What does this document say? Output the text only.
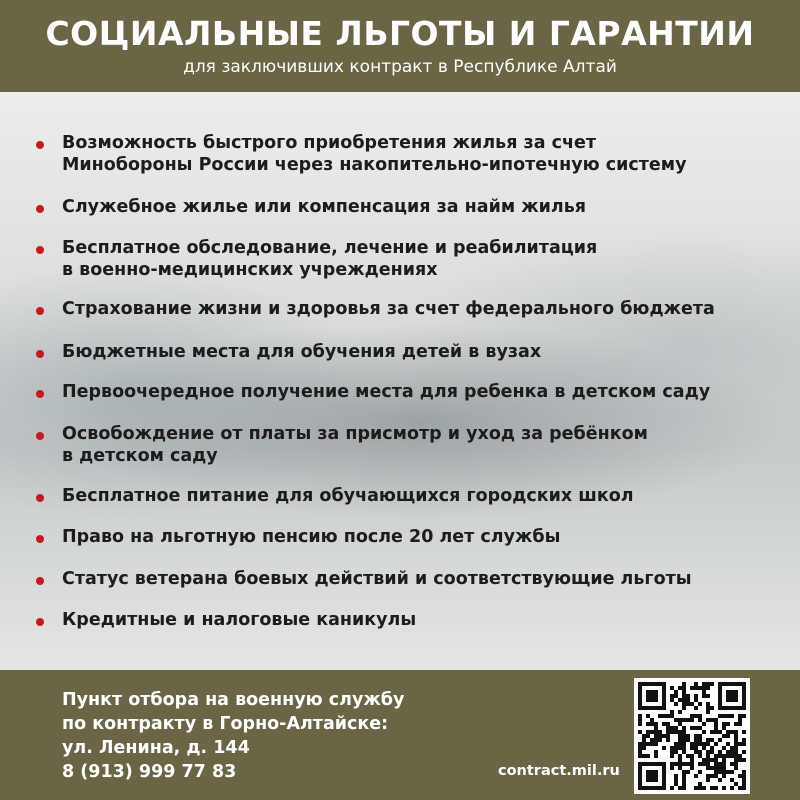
СОЦИАЛЬНЫЕ ЛЬГОТЫ И ГАРАНТИИ
для заключивших контракт в Республике Алтай
Возможность быстрого приобретения жилья за счет
Минобороны России через накопительно-ипотечную систему
Служебное жилье или компенсация за найм жилья
Бесплатное обследование, лечение и реабилитация
в военно-медицинских учреждениях
Страхование жизни и здоровья за счет федерального бюджета
Бюджетные места для обучения детей в вузах
Первоочередное получение места для ребенка в детском саду
Освобождение от платы за присмотр и уход за ребёнком
в детском саду
Бесплатное питание для обучающихся городских школ
Право на льготную пенсию после 20 лет службы
Статус ветерана боевых действий и соответствующие льготы
Кредитные и налоговые каникулы
Пункт отбора на военную службу
по контракту в Горно-Алтайске:
ул. Ленина, д. 144
8 (913) 999 77 83	contract.mil.ru
